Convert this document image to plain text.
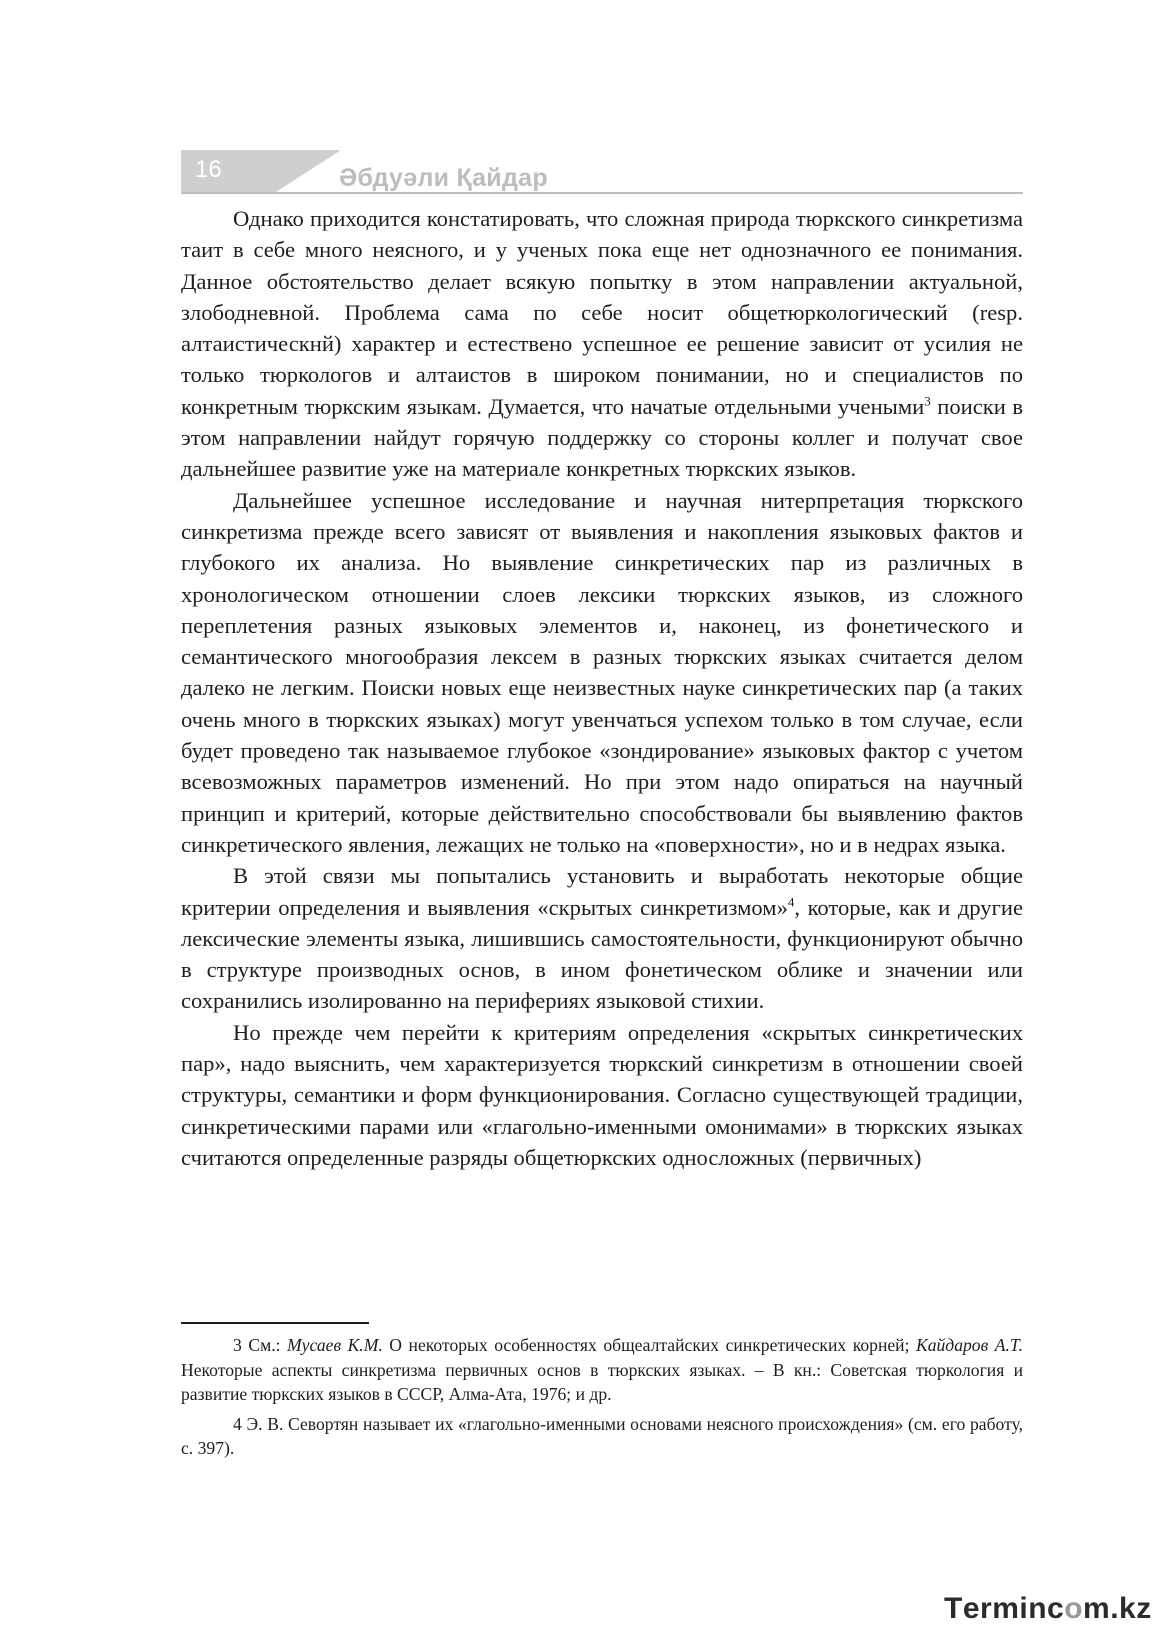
16	Әбдуәли Қайдар

Однако приходится констатировать, что сложная природа тюркского синкретизма таит в себе много неясного, и у ученых пока еще нет однозначного ее понимания. Данное обстоятельство делает всякую попытку в этом направлении актуальной, злободневной. Проблема сама по себе носит общетюркологический (resp. алтаистическнй) характер и естествено успешное ее решение зависит от усилия не только тюркологов и алтаистов в широком понимании, но и специалистов по конкретным тюркским языкам. Думается, что начатые отдельными учеными$^3$ поиски в этом направлении найдут горячую поддержку со стороны коллег и получат свое дальнейшее развитие уже на материале конкретных тюркских языков.

Дальнейшее успешное исследование и научная нитерпретация тюркского синкретизма прежде всего зависят от выявления и накопления языковых фактов и глубокого их анализа. Но выявление синкретических пар из различных в хронологическом отношении слоев лексики тюркских языков, из сложного переплетения разных языковых элементов и, наконец, из фонетического и семантического многообразия лексем в разных тюркских языках считается делом далеко не легким. Поиски новых еще неизвестных науке синкретических пар (а таких очень много в тюркских языках) могут увенчаться успехом только в том случае, если будет проведено так называемое глубокое «зондирование» языковых фактор с учетом всевозможных параметров изменений. Но при этом надо опираться на научный принцип и критерий, которые действительно способствовали бы выявлению фактов синкретического явления, лежащих не только на «поверхности», но и в недрах языка.

В этой связи мы попытались установить и выработать некоторые общие критерии определения и выявления «скрытых синкретизмом»$^4$, которые, как и другие лексические элементы языка, лишившись самостоятельности, функционируют обычно в структуре производных основ, в ином фонетическом облике и значении или сохранились изолированно на периферияx языковой стихии.

Но прежде чем перейти к критериям определения «скрытых синкретических пар», надо выяснить, чем характеризуется тюркский синкретизм в отношении своей структуры, семантики и форм функционирования. Согласно существующей традиции, синкретическими парами или «глагольно-именными омонимами» в тюркских языках считаются определенные разряды общетюркских односложных (первичных)

3 См.: Мусаев К.М. О некоторых особенностях общеалтайских синкретических корней; Кайдаров А.Т. Некоторые аспекты синкретизма первичных основ в тюркских языках. – В кн.: Советская тюркология и развитие тюркских языков в СССР, Алма-Ата, 1976; и др.

4 Э. В. Севортян называет их «глагольно-именными основами неясного происхождения» (см. его работу, с. 397).

Termincom.kz
